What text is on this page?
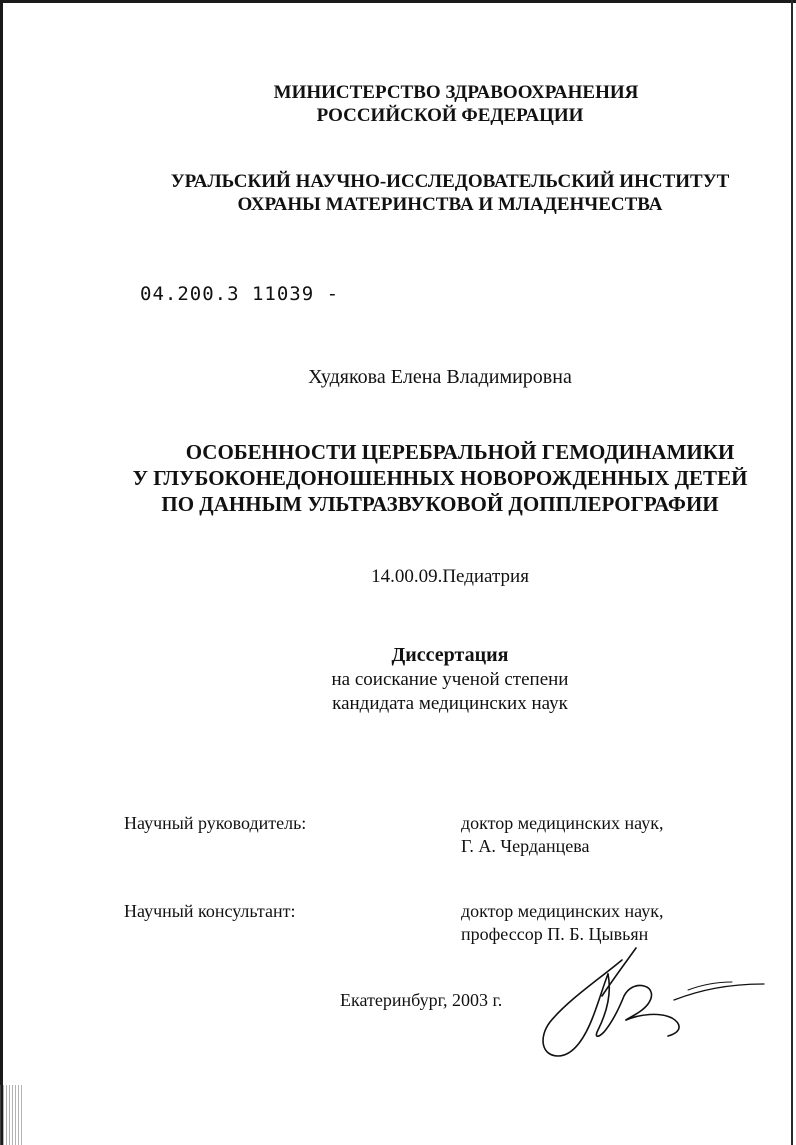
МИНИСТЕРСТВО ЗДРАВООХРАНЕНИЯ
РОССИЙСКОЙ ФЕДЕРАЦИИ
УРАЛЬСКИЙ НАУЧНО-ИССЛЕДОВАТЕЛЬСКИЙ ИНСТИТУТ
ОХРАНЫ МАТЕРИНСТВА И МЛАДЕНЧЕСТВА
04.200.3 11039 -
Худякова Елена Владимировна
ОСОБЕННОСТИ ЦЕРЕБРАЛЬНОЙ ГЕМОДИНАМИКИ
У ГЛУБОКОНЕДОНОШЕННЫХ НОВОРОЖДЕННЫХ ДЕТЕЙ
ПО ДАННЫМ УЛЬТРАЗВУКОВОЙ ДОППЛЕРОГРАФИИ
14.00.09.Педиатрия
Диссертация
на соискание ученой степени
кандидата медицинских наук
Научный руководитель:	доктор медицинских наук,
Г. А. Черданцева
Научный консультант:	доктор медицинских наук,
профессор П. Б. Цывьян
Екатеринбург, 2003 г.
